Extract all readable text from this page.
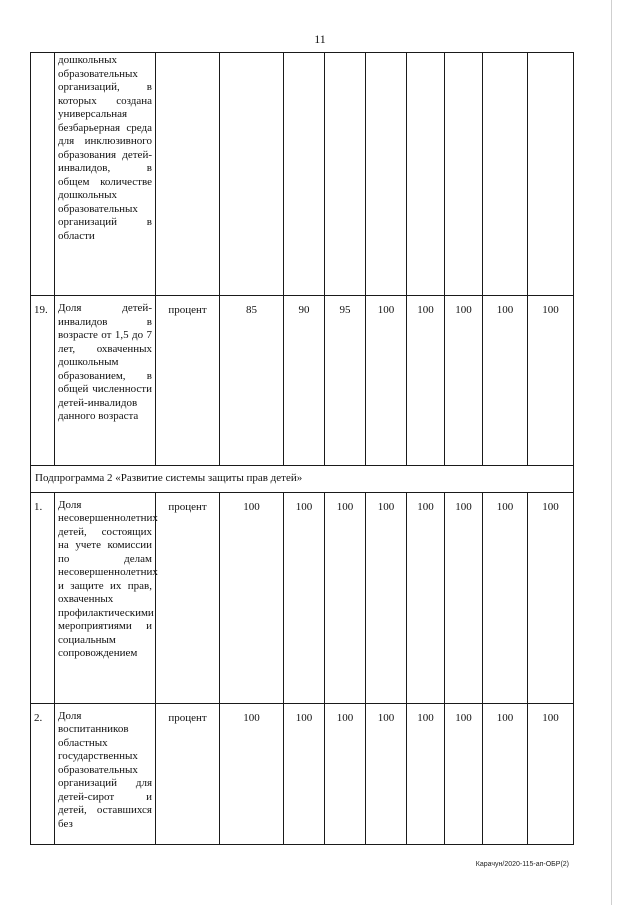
11
	дошкольных образовательных организаций, в которых создана универсальная безбарьерная среда для инклюзивного образования детей-инвалидов, в общем количестве дошкольных образовательных организаций в области									
19.	Доля детей-инвалидов в возрасте от 1,5 до 7 лет, охваченных дошкольным образованием, в общей численности детей-инвалидов данного возраста	процент	85	90	95	100	100	100	100	100
Подпрограмма 2 «Развитие системы защиты прав детей»										
1.	Доля несовершеннолетних детей, состоящих на учете комиссии по делам несовершеннолетних и защите их прав, охваченных профилактическими мероприятиями и социальным сопровождением	процент	100	100	100	100	100	100	100	100
2.	Доля воспитанников областных государственных образовательных организаций для детей-сирот и детей, оставшихся без	процент	100	100	100	100	100	100	100	100
Карачун/2020-115-ап-ОБР(2)
